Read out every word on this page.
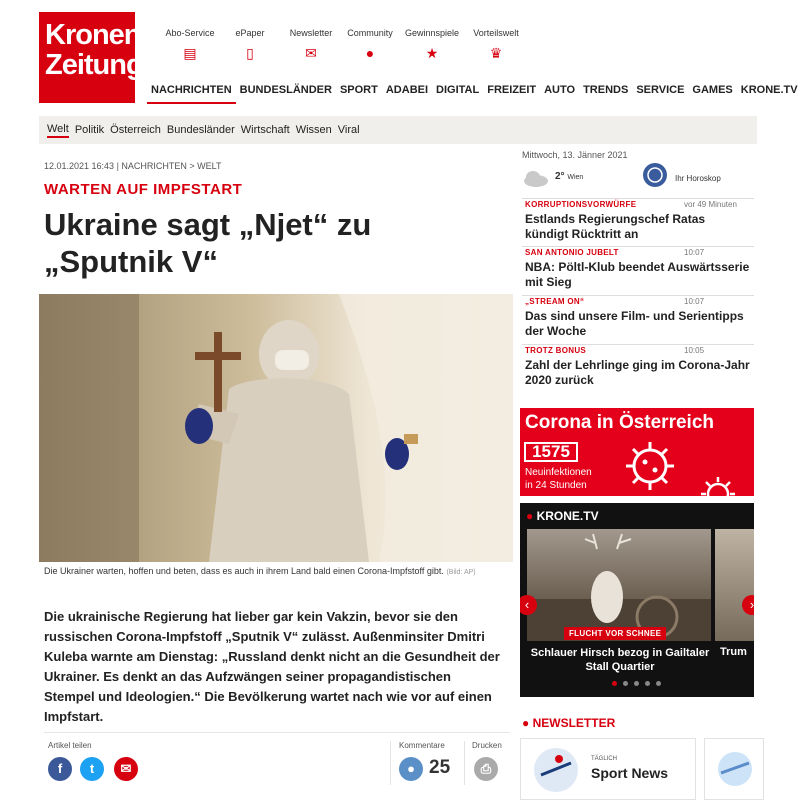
Kronen
Zeitung
Abo-Service
▤
ePaper
▯
Newsletter
✉
Community
●
Gewinnspiele
★
Vorteilswelt
♛
NACHRICHTEN BUNDESLÄNDER SPORT ADABEI DIGITAL FREIZEIT AUTO TRENDS SERVICE GAMES KRONE.TV
Welt Politik Österreich Bundesländer Wirtschaft Wissen Viral
12.01.2021 16:43 | NACHRICHTEN > WELT
WARTEN AUF IMPFSTART
Ukraine sagt „Njet“ zu „Sputnik V“
Die Ukrainer warten, hoffen und beten, dass es auch in ihrem Land bald einen Corona-Impfstoff gibt. (Bild: AP)
Die ukrainische Regierung hat lieber gar kein Vakzin, bevor sie den russischen Corona-Impfstoff „Sputnik V“ zulässt. Außenminsiter Dmitri Kuleba warnte am Dienstag: „Russland denkt nicht an die Gesundheit der Ukrainer. Es denkt an das Aufzwängen seiner propagandistischen Stempel und Ideologien.“ Die Bevölkerung wartet nach wie vor auf einen Impfstart.
Artikel teilen
f	t	✉
Kommentare
● 25
Drucken
⎙
Mittwoch, 13. Jänner 2021
2° Wien	Ihr Horoskop
KORRUPTIONSVORWÜRFE	vor 49 Minuten
Estlands Regierungschef Ratas kündigt Rücktritt an
SAN ANTONIO JUBELT	10:07
NBA: Pöltl-Klub beendet Auswärtsserie mit Sieg
„STREAM ON“	10:07
Das sind unsere Film- und Serientipps der Woche
TROTZ BONUS	10:05
Zahl der Lehrlinge ging im Corona-Jahr 2020 zurück
Corona in Österreich
1575
Neuinfektionen
in 24 Stunden
● KRONE.TV
FLUCHT VOR SCHNEE
Schlauer Hirsch bezog in Gailtaler Stall Quartier
Trum
‹	›
● NEWSLETTER
TÄGLICH
Sport News
